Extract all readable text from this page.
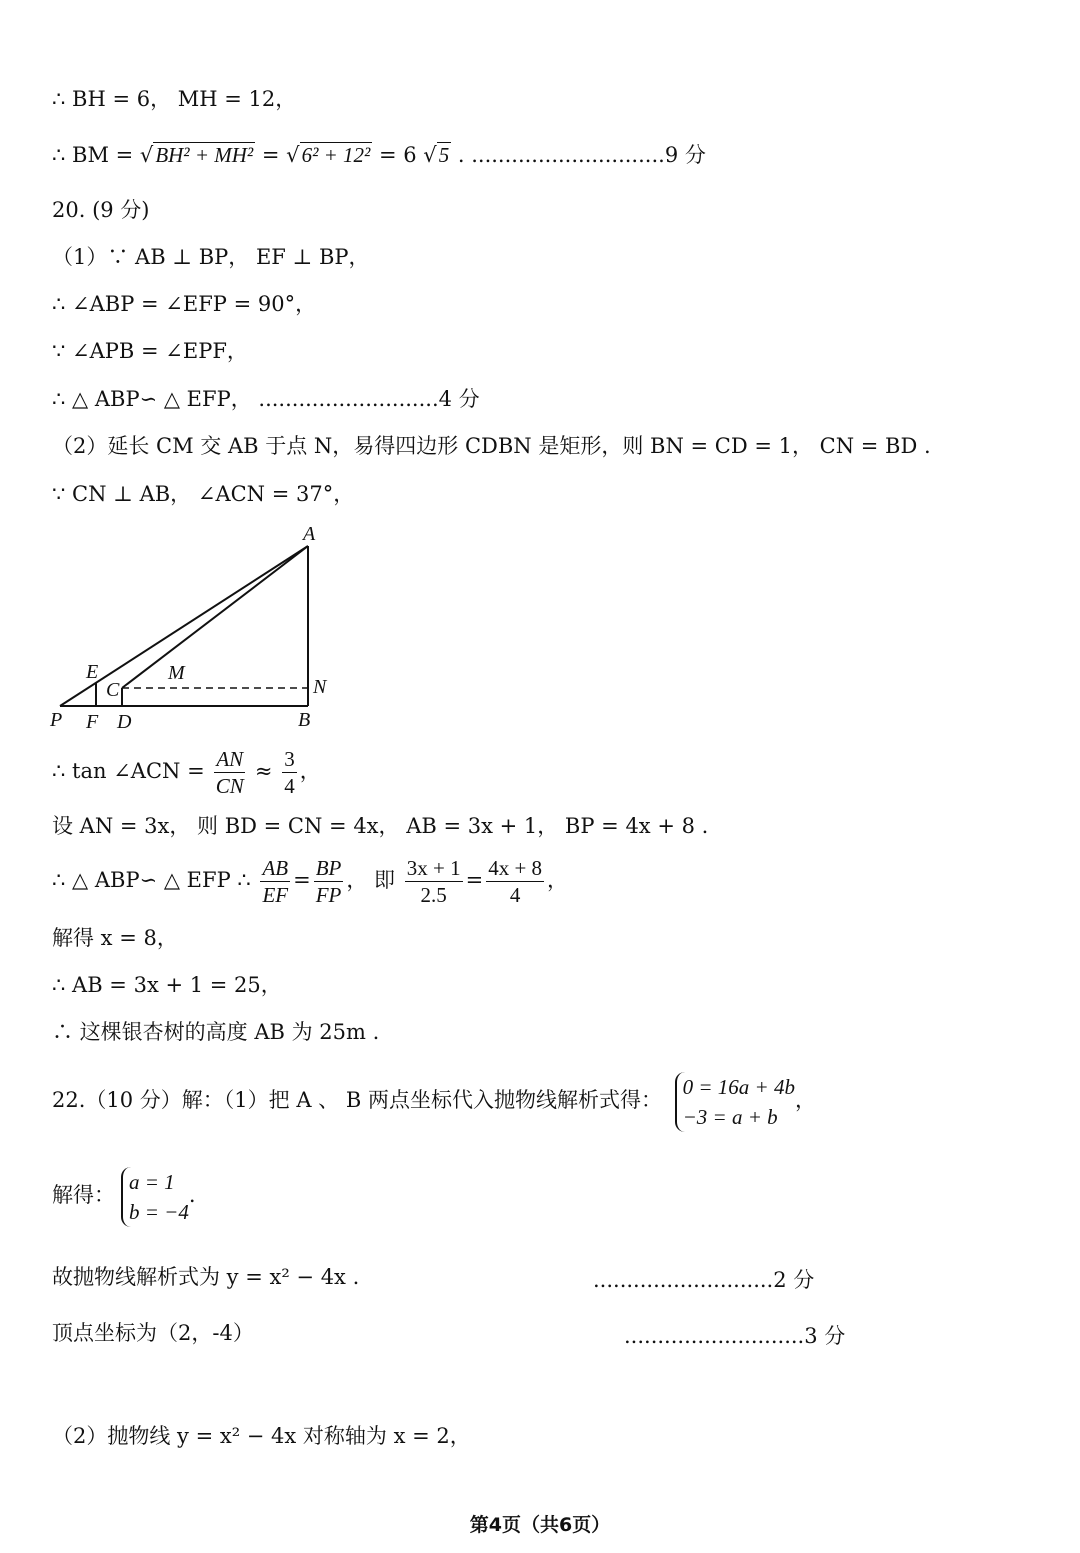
∴ BH = 6， MH = 12，
∴ BM = √BH² + MH² = √6² + 12² = 6 √5 . .............................9 分
20. (9 分)
（1）∵ AB ⊥ BP， EF ⊥ BP，
∴ ∠ABP = ∠EFP = 90°，
∵ ∠APB = ∠EPF，
∴ △ ABP∽ △ EFP， ...........................4 分
（2）延长 CM 交 AB 于点 N，易得四边形 CDBN 是矩形，则 BN = CD = 1， CN = BD .
∵ CN ⊥ AB， ∠ACN = 37°，
A
E	M
C	N
P F D	B
∴ tan ∠ACN = $\frac{AN}{CN} \approx \frac{3}{4}$ ，
设 AN = 3x， 则 BD = CN = 4x， AB = 3x + 1， BP = 4x + 8 .
∴ △ ABP∽ △ EFP ∴ $\frac{AB}{EF} = \frac{BP}{FP}$ ， 即 $\frac{3x + 1}{2.5} = \frac{4x + 8}{4}$ ，
解得 x = 8，
∴ AB = 3x + 1 = 25，
∴ 这棵银杏树的高度 AB 为 25m .
22.（10 分）解：（1）把 A 、 B 两点坐标代入抛物线解析式得：
0 = 16a + 4b
−3 = a + b
，
解得：
a = 1
b = −4
.
故抛物线解析式为 y = x² − 4x .	...........................2 分
顶点坐标为（2，-4）	...........................3 分
（2）抛物线 y = x² − 4x 对称轴为 x = 2，
第4页（共6页）
